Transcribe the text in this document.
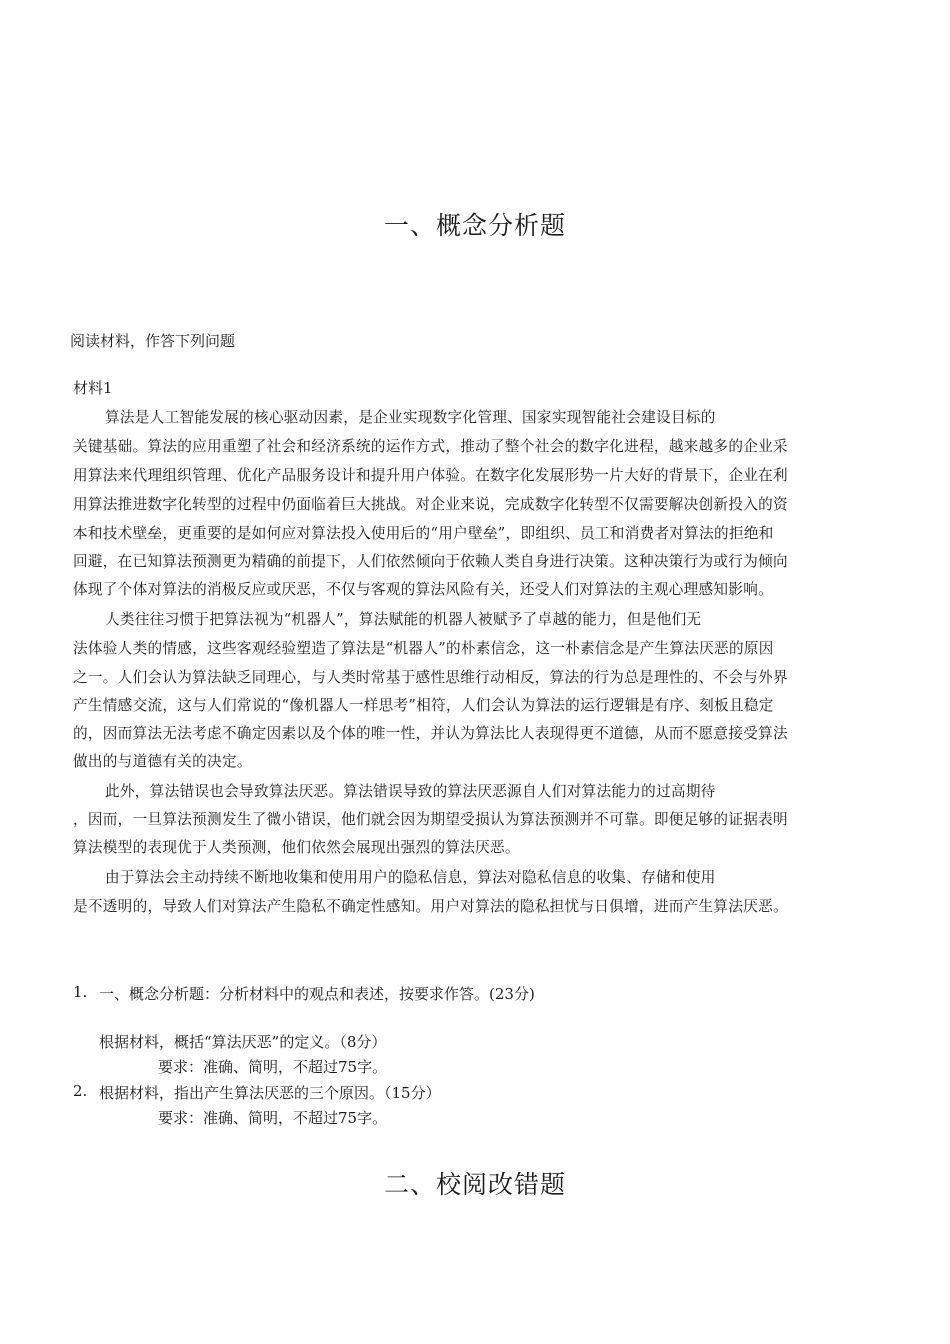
一、概念分析题
阅读材料，作答下列问题
材料1
算法是人工智能发展的核心驱动因素，是企业实现数字化管理、国家实现智能社会建设目标的
关键基础。算法的应用重塑了社会和经济系统的运作方式，推动了整个社会的数字化进程，越来越多的企业采
用算法来代理组织管理、优化产品服务设计和提升用户体验。在数字化发展形势一片大好的背景下，企业在利
用算法推进数字化转型的过程中仍面临着巨大挑战。对企业来说，完成数字化转型不仅需要解决创新投入的资
本和技术壁垒，更重要的是如何应对算法投入使用后的“用户壁垒”，即组织、员工和消费者对算法的拒绝和
回避，在已知算法预测更为精确的前提下，人们依然倾向于依赖人类自身进行决策。这种决策行为或行为倾向
体现了个体对算法的消极反应或厌恶，不仅与客观的算法风险有关，还受人们对算法的主观心理感知影响。
人类往往习惯于把算法视为“机器人”，算法赋能的机器人被赋予了卓越的能力，但是他们无
法体验人类的情感，这些客观经验塑造了算法是“机器人”的朴素信念，这一朴素信念是产生算法厌恶的原因
之一。人们会认为算法缺乏同理心，与人类时常基于感性思维行动相反，算法的行为总是理性的、不会与外界
产生情感交流，这与人们常说的“像机器人一样思考”相符，人们会认为算法的运行逻辑是有序、刻板且稳定
的，因而算法无法考虑不确定因素以及个体的唯一性，并认为算法比人表现得更不道德，从而不愿意接受算法
做出的与道德有关的决定。
此外，算法错误也会导致算法厌恶。算法错误导致的算法厌恶源自人们对算法能力的过高期待
，因而，一旦算法预测发生了微小错误，他们就会因为期望受损认为算法预测并不可靠。即便足够的证据表明
算法模型的表现优于人类预测，他们依然会展现出强烈的算法厌恶。
由于算法会主动持续不断地收集和使用用户的隐私信息，算法对隐私信息的收集、存储和使用
是不透明的，导致人们对算法产生隐私不确定性感知。用户对算法的隐私担忧与日俱增，进而产生算法厌恶。
1. 一、概念分析题：分析材料中的观点和表述，按要求作答。(23分)
根据材料，概括“算法厌恶”的定义。（8分）
要求：准确、简明，不超过75字。
2. 根据材料，指出产生算法厌恶的三个原因。（15分）
要求：准确、简明，不超过75字。
二、校阅改错题
